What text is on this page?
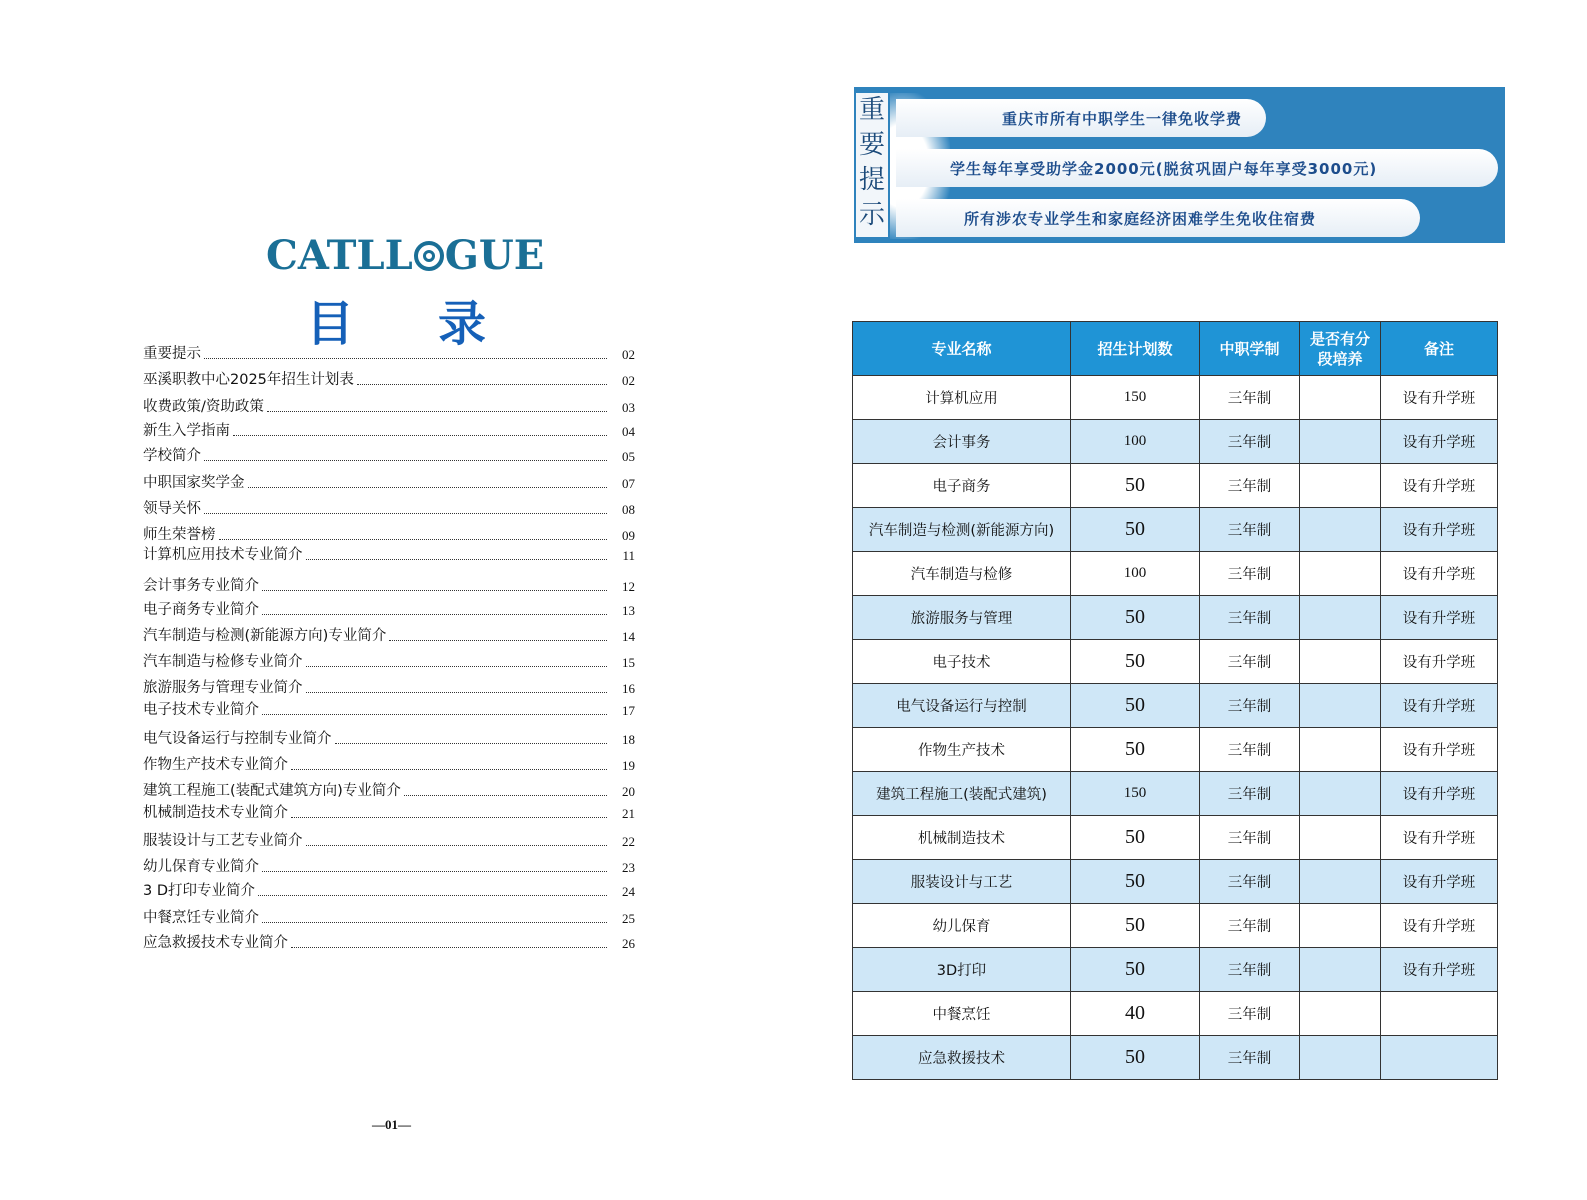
CATLL GUE
目 录
重要提示	02
巫溪职教中心2025年招生计划表	02
收费政策/资助政策	03
新生入学指南	04
学校简介	05
中职国家奖学金	07
领导关怀	08
师生荣誉榜	09
计算机应用技术专业简介	11
会计事务专业简介	12
电子商务专业简介	13
汽车制造与检测(新能源方向)专业简介	14
汽车制造与检修专业简介	15
旅游服务与管理专业简介	16
电子技术专业简介	17
电气设备运行与控制专业简介	18
作物生产技术专业简介	19
建筑工程施工(装配式建筑方向)专业简介	20
机械制造技术专业简介	21
服装设计与工艺专业简介	22
幼儿保育专业简介	23
3 D打印专业简介	24
中餐烹饪专业简介	25
应急救援技术专业简介	26
—01—
重
要
提
示
重庆市所有中职学生一律免收学费
学生每年享受助学金2000元(脱贫巩固户每年享受3000元)
所有涉农专业学生和家庭经济困难学生免收住宿费
专业名称	招生计划数	中职学制	是否有分段培养	备注
计算机应用	150	三年制		设有升学班
会计事务	100	三年制		设有升学班
电子商务	50	三年制		设有升学班
汽车制造与检测(新能源方向)	50	三年制		设有升学班
汽车制造与检修	100	三年制		设有升学班
旅游服务与管理	50	三年制		设有升学班
电子技术	50	三年制		设有升学班
电气设备运行与控制	50	三年制		设有升学班
作物生产技术	50	三年制		设有升学班
建筑工程施工(装配式建筑)	150	三年制		设有升学班
机械制造技术	50	三年制		设有升学班
服装设计与工艺	50	三年制		设有升学班
幼儿保育	50	三年制		设有升学班
3D打印	50	三年制		设有升学班
中餐烹饪	40	三年制		
应急救援技术	50	三年制		
